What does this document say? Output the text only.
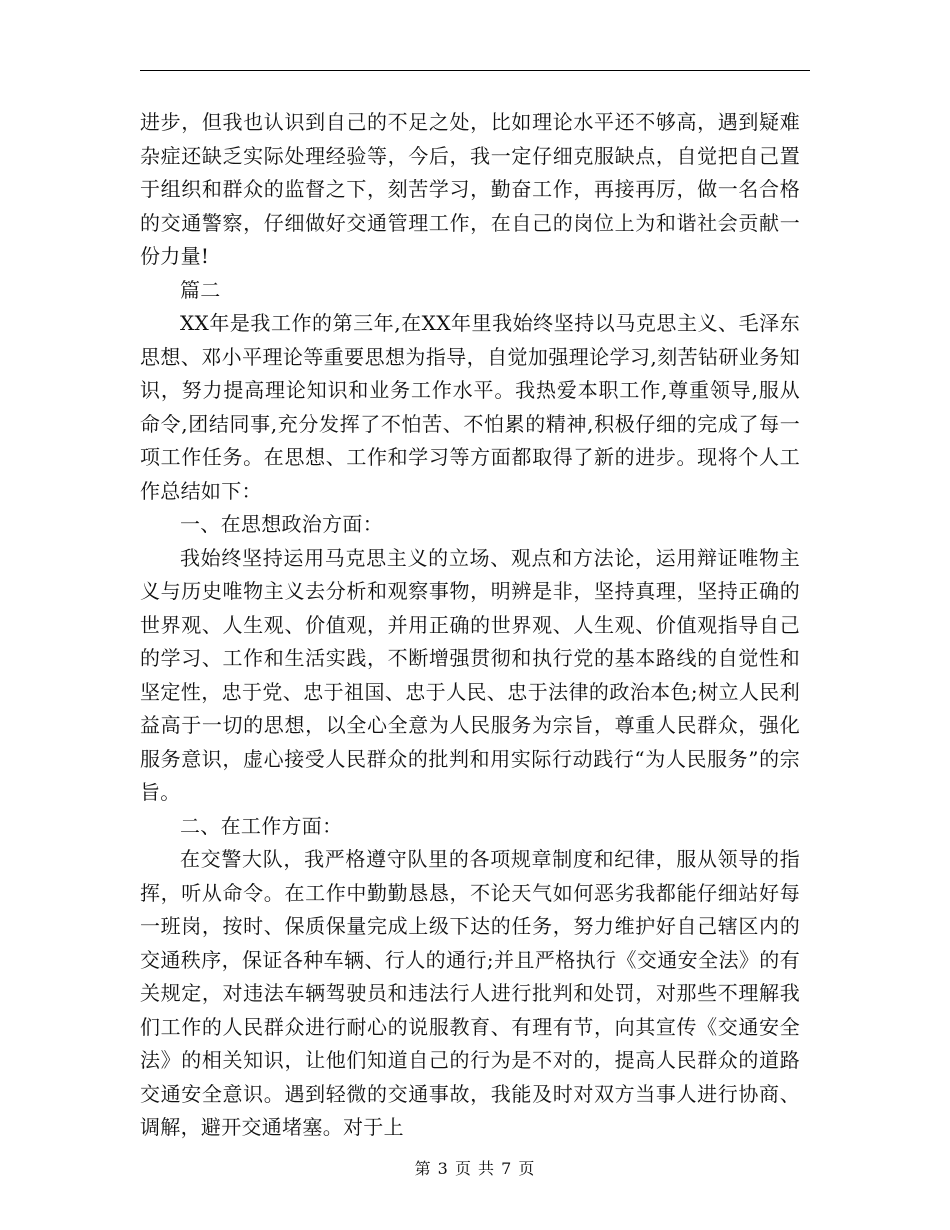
进步，但我也认识到自己的不足之处，比如理论水平还不够高，遇到疑难杂症还缺乏实际处理经验等，今后，我一定仔细克服缺点，自觉把自己置于组织和群众的监督之下，刻苦学习，勤奋工作，再接再厉，做一名合格的交通警察，仔细做好交通管理工作，在自己的岗位上为和谐社会贡献一份力量!

篇二

XX年是我工作的第三年,在XX年里我始终坚持以马克思主义、毛泽东思想、邓小平理论等重要思想为指导，自觉加强理论学习,刻苦钻研业务知识，努力提高理论知识和业务工作水平。我热爱本职工作,尊重领导,服从命令,团结同事,充分发挥了不怕苦、不怕累的精神,积极仔细的完成了每一项工作任务。在思想、工作和学习等方面都取得了新的进步。现将个人工作总结如下：

一、在思想政治方面：

我始终坚持运用马克思主义的立场、观点和方法论，运用辩证唯物主义与历史唯物主义去分析和观察事物，明辨是非，坚持真理，坚持正确的世界观、人生观、价值观，并用正确的世界观、人生观、价值观指导自己的学习、工作和生活实践，不断增强贯彻和执行党的基本路线的自觉性和坚定性，忠于党、忠于祖国、忠于人民、忠于法律的政治本色;树立人民利益高于一切的思想，以全心全意为人民服务为宗旨，尊重人民群众，强化服务意识，虚心接受人民群众的批判和用实际行动践行“为人民服务”的宗旨。

二、在工作方面：

在交警大队，我严格遵守队里的各项规章制度和纪律，服从领导的指挥，听从命令。在工作中勤勤恳恳，不论天气如何恶劣我都能仔细站好每一班岗，按时、保质保量完成上级下达的任务，努力维护好自己辖区内的交通秩序，保证各种车辆、行人的通行;并且严格执行《交通安全法》的有关规定，对违法车辆驾驶员和违法行人进行批判和处罚，对那些不理解我们工作的人民群众进行耐心的说服教育、有理有节，向其宣传《交通安全法》的相关知识，让他们知道自己的行为是不对的，提高人民群众的道路交通安全意识。遇到轻微的交通事故，我能及时对双方当事人进行协商、调解，避开交通堵塞。对于上

第 3 页 共 7 页
